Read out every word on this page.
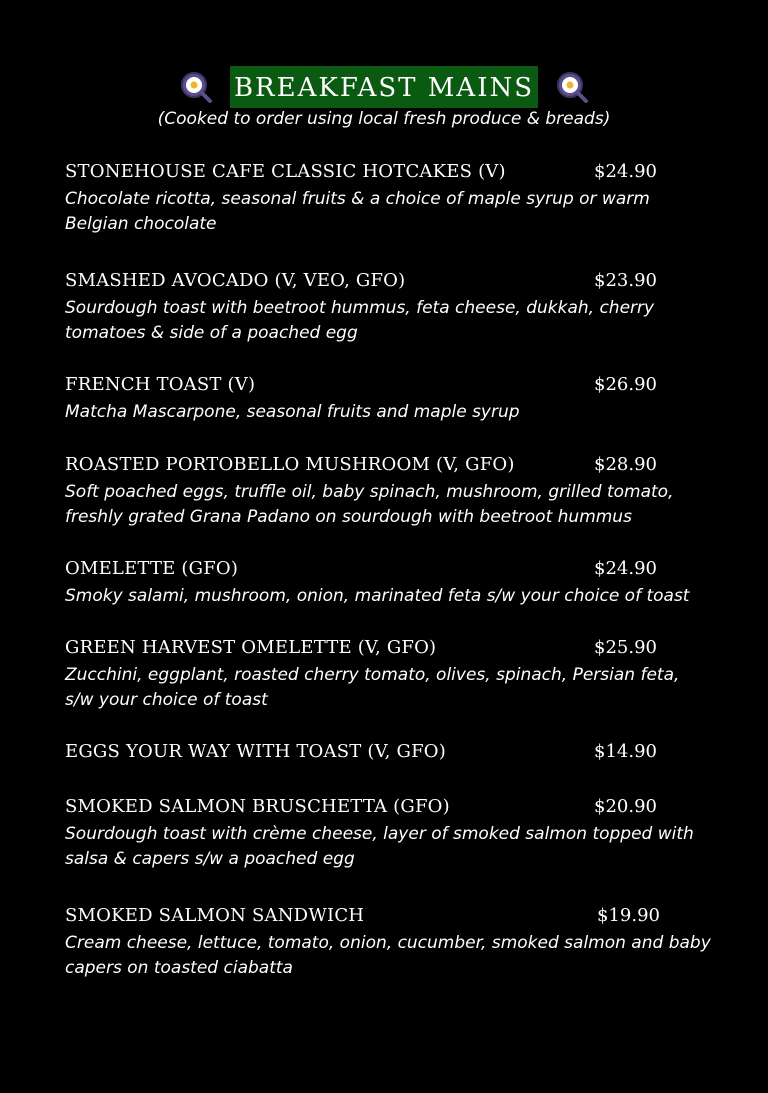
BREAKFAST MAINS
(Cooked to order using local fresh produce & breads)
STONEHOUSE CAFE CLASSIC HOTCAKES (V)	$24.90
Chocolate ricotta, seasonal fruits & a choice of maple syrup or warm Belgian chocolate
SMASHED AVOCADO (V, VEO, GFO)	$23.90
Sourdough toast with beetroot hummus, feta cheese, dukkah, cherry tomatoes & side of a poached egg
FRENCH TOAST (V)	$26.90
Matcha Mascarpone, seasonal fruits and maple syrup
ROASTED PORTOBELLO MUSHROOM (V, GFO)	$28.90
Soft poached eggs, truffle oil, baby spinach, mushroom, grilled tomato, freshly grated Grana Padano on sourdough with beetroot hummus
OMELETTE (GFO)	$24.90
Smoky salami, mushroom, onion, marinated feta s/w your choice of toast
GREEN HARVEST OMELETTE (V, GFO)	$25.90
Zucchini, eggplant, roasted cherry tomato, olives, spinach, Persian feta, s/w your choice of toast
EGGS YOUR WAY WITH TOAST (V, GFO)	$14.90
SMOKED SALMON BRUSCHETTA (GFO)	$20.90
Sourdough toast with crème cheese, layer of smoked salmon topped with salsa & capers s/w a poached egg
SMOKED SALMON SANDWICH	$19.90
Cream cheese, lettuce, tomato, onion, cucumber, smoked salmon and baby capers on toasted ciabatta
